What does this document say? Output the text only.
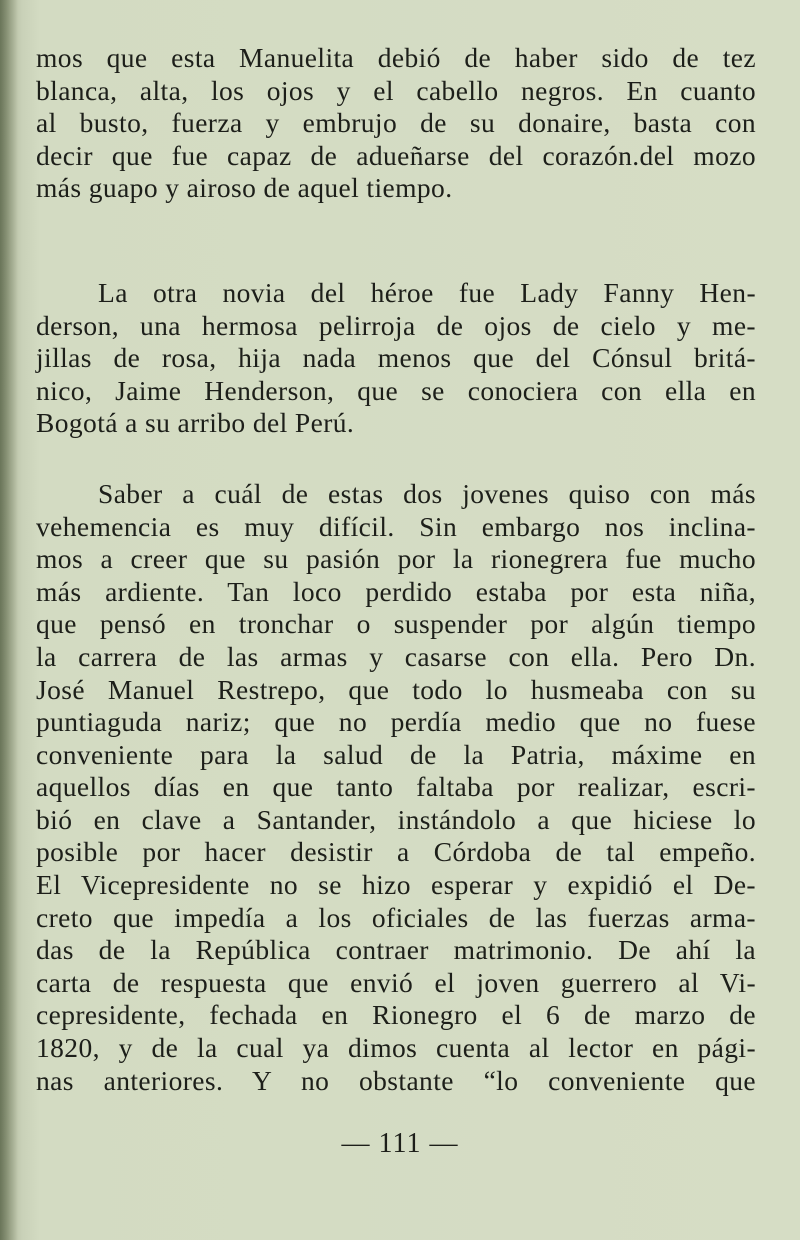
mos que esta Manuelita debió de haber sido de tez
blanca, alta, los ojos y el cabello negros. En cuanto
al busto, fuerza y embrujo de su donaire, basta con
decir que fue capaz de adueñarse del corazón.del mozo
más guapo y airoso de aquel tiempo.

La otra novia del héroe fue Lady Fanny Hen-
derson, una hermosa pelirroja de ojos de cielo y me-
jillas de rosa, hija nada menos que del Cónsul britá-
nico, Jaime Henderson, que se conociera con ella en
Bogotá a su arribo del Perú.

Saber a cuál de estas dos jovenes quiso con más
vehemencia es muy difícil. Sin embargo nos inclina-
mos a creer que su pasión por la rionegrera fue mucho
más ardiente. Tan loco perdido estaba por esta niña,
que pensó en tronchar o suspender por algún tiempo
la carrera de las armas y casarse con ella. Pero Dn.
José Manuel Restrepo, que todo lo husmeaba con su
puntiaguda nariz; que no perdía medio que no fuese
conveniente para la salud de la Patria, máxime en
aquellos días en que tanto faltaba por realizar, escri-
bió en clave a Santander, instándolo a que hiciese lo
posible por hacer desistir a Córdoba de tal empeño.
El Vicepresidente no se hizo esperar y expidió el De-
creto que impedía a los oficiales de las fuerzas arma-
das de la República contraer matrimonio. De ahí la
carta de respuesta que envió el joven guerrero al Vi-
cepresidente, fechada en Rionegro el 6 de marzo de
1820, y de la cual ya dimos cuenta al lector en pági-
nas anteriores. Y no obstante “lo conveniente que

— 111 —
